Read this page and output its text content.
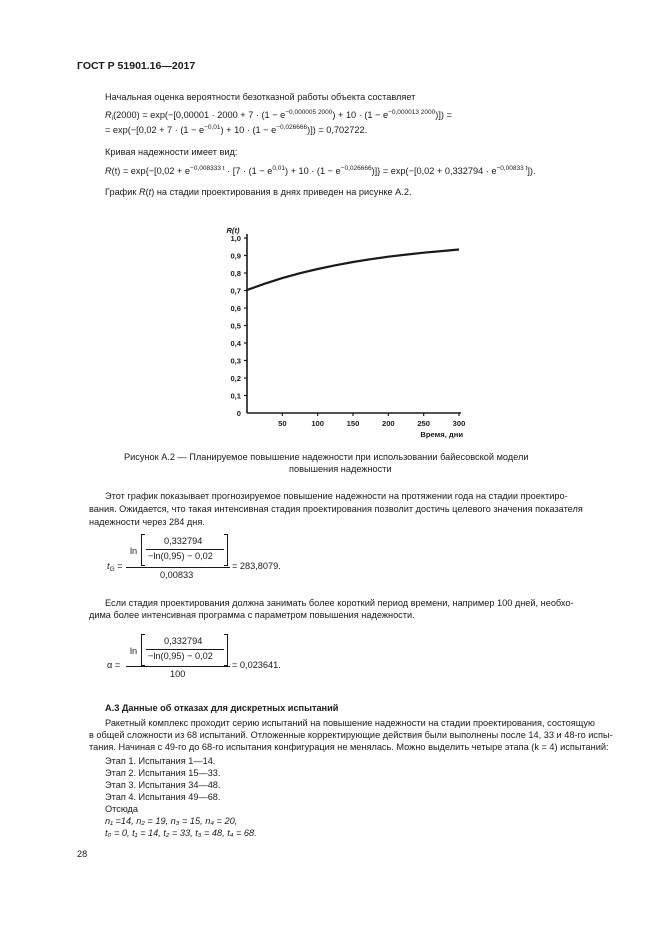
ГОСТ Р 51901.16—2017
Начальная оценка вероятности безотказной работы объекта составляет
$R_i(2000) = \exp(-[0,00001 \cdot 2000 + 7 \cdot (1 - e^{-0,000005 2000}) + 10 \cdot (1 - e^{-0,000013 2000})])$ =
= $\exp(-[0,02 + 7 \cdot (1 - e^{-0,01}) + 10 \cdot (1 - e^{-0,026666})]) = 0,702722$.
Кривая надежности имеет вид:
$R(t) = \exp\{-[0,02 + e^{-0,008333 t} \cdot [7 \cdot (1 - e^{0,01}) + 10 \cdot (1 - e^{-0,026666})]\} = \exp(-[0,02 + 0,332794 \cdot e^{-0,00833 t}])$.
График R(t) на стадии проектирования в днях приведен на рисунке А.2.
0,1
0,2
0,3
0,4
0,5
0,6
0,7
0,8
0,9
1,0
0
50	100	150	200	250	300
R(t)
Время, дни
Рисунок А.2 — Планируемое повышение надежности при использовании байесовской модели
повышения надежности
Этот график показывает прогнозируемое повышение надежности на протяжении года на стадии проектиро-
вания. Ожидается, что такая интенсивная стадия проектирования позволит достичь целевого значения показателя
надежности через 284 дня.
$t_G$ =
ln
0,332794
−ln(0,95) − 0,02
0,00833
= 283,8079.
Если стадия проектирования должна занимать более короткий период времени, например 100 дней, необхо-
дима более интенсивная программа с параметром повышения надежности.
α =
ln
0,332794
−ln(0,95) − 0,02
100
= 0,023641.
А.3 Данные об отказах для дискретных испытаний
Ракетный комплекс проходит серию испытаний на повышение надежности на стадии проектирования, состоящую
в общей сложности из 68 испытаний. Отложенные корректирующие действия были выполнены после 14, 33 и 48-го испы-
тания. Начиная с 49-го до 68-го испытания конфигурация не менялась. Можно выделить четыре этапа (k = 4) испытаний:
Этап 1. Испытания 1—14.
Этап 2. Испытания 15—33.
Этап 3. Испытания 34—48.
Этап 4. Испытания 49—68.
Отсюда
n₁ =14, n₂ = 19, n₃ = 15, n₄ = 20,
t₀ = 0, t₁ = 14, t₂ = 33, t₃ = 48, t₄ = 68.
28
